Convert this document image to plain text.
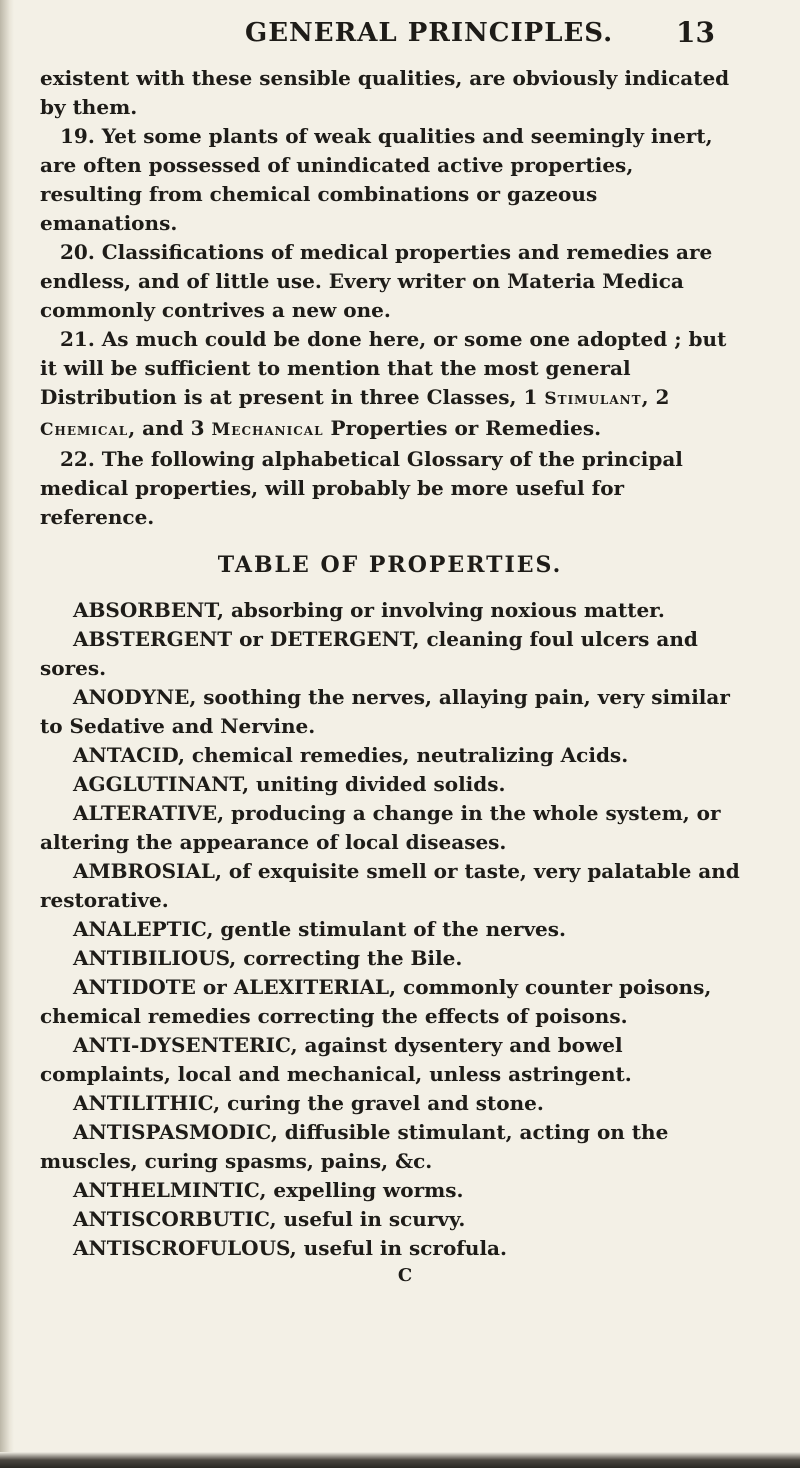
GENERAL PRINCIPLES. 13

existent with these sensible qualities, are obviously indicated by them.

19. Yet some plants of weak qualities and seemingly inert, are often possessed of unindicated active properties, resulting from chemical combinations or gazeous emanations.

20. Classifications of medical properties and remedies are endless, and of little use. Every writer on Materia Medica commonly contrives a new one.

21. As much could be done here, or some one adopted ; but it will be sufficient to mention that the most general Distribution is at present in three Classes, 1 Stimulant, 2 Chemical, and 3 Mechanical Properties or Remedies.

22. The following alphabetical Glossary of the principal medical properties, will probably be more useful for reference.

TABLE OF PROPERTIES.

ABSORBENT, absorbing or involving noxious matter.

ABSTERGENT or DETERGENT, cleaning foul ulcers and sores.

ANODYNE, soothing the nerves, allaying pain, very similar to Sedative and Nervine.

ANTACID, chemical remedies, neutralizing Acids.

AGGLUTINANT, uniting divided solids.

ALTERATIVE, producing a change in the whole system, or altering the appearance of local diseases.

AMBROSIAL, of exquisite smell or taste, very palatable and restorative.

ANALEPTIC, gentle stimulant of the nerves.

ANTIBILIOUS, correcting the Bile.

ANTIDOTE or ALEXITERIAL, commonly counter poisons, chemical remedies correcting the effects of poisons.

ANTI-DYSENTERIC, against dysentery and bowel complaints, local and mechanical, unless astringent.

ANTILITHIC, curing the gravel and stone.

ANTISPASMODIC, diffusible stimulant, acting on the muscles, curing spasms, pains, &c.

ANTHELMINTIC, expelling worms.

ANTISCORBUTIC, useful in scurvy.

ANTISCROFULOUS, useful in scrofula.

C
